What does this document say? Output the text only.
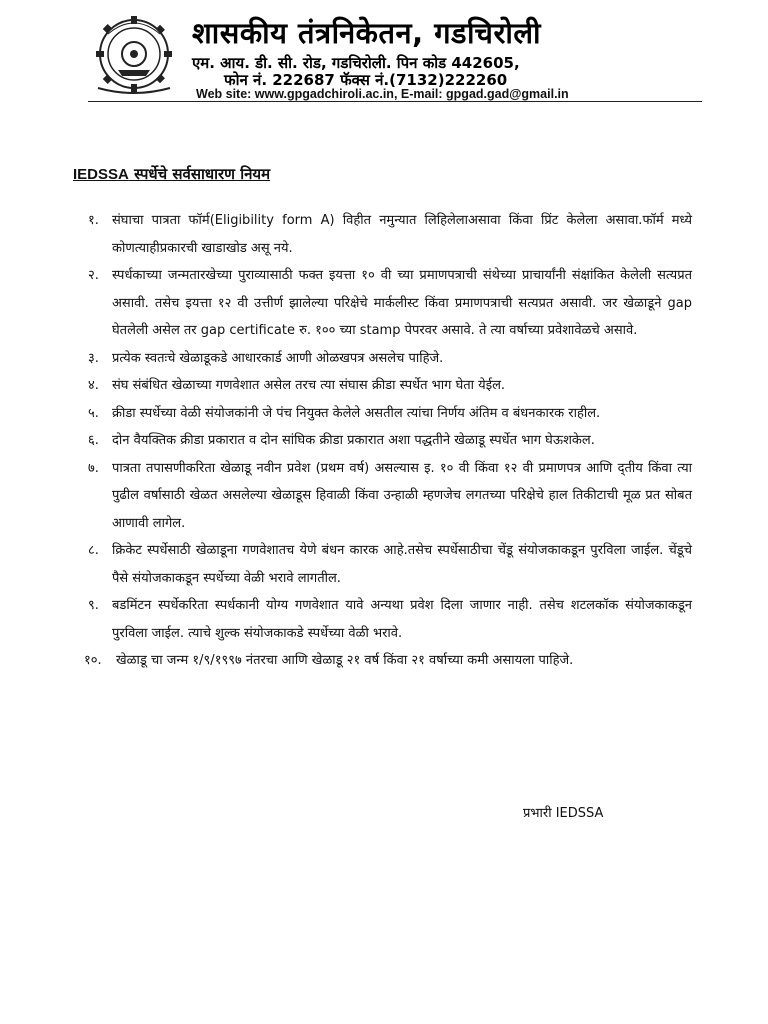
शासकीय तंत्रनिकेतन, गडचिरोली
एम. आय. डी. सी. रोड, गडचिरोली. पिन कोड 442605,
फोन नं. 222687 फॅक्स नं.(7132)222260
Web site: www.gpgadchiroli.ac.in, E-mail: gpgad.gad@gmail.in
IEDSSA स्पर्धेचे सर्वसाधारण नियम
१. संघाचा पात्रता फॉर्म(Eligibility form A) विहीत नमुन्यात लिहिलेलाअसावा किंवा प्रिंट केलेला असावा.फॉर्म मध्ये कोणत्याहीप्रकारची खाडाखोड असू नये.
२. स्पर्धकाच्या जन्मतारखेच्या पुराव्यासाठी फक्त इयत्ता १० वी च्या प्रमाणपत्राची संथेच्या प्राचार्यांनी संक्षांकित केलेली सत्यप्रत असावी. तसेच इयत्ता १२ वी उत्तीर्ण झालेल्या परिक्षेचे मार्कलीस्ट किंवा प्रमाणपत्राची सत्यप्रत असावी. जर खेळाडूने gap घेतलेली असेल तर gap certificate रु. १०० च्या stamp पेपरवर असावे. ते त्या वर्षाच्या प्रवेशावेळचे असावे.
३. प्रत्येक स्वतःचे खेळाडूकडे आधारकार्ड आणी ओळखपत्र असलेच पाहिजे.
४. संघ संबंधित खेळाच्या गणवेशात असेल तरच त्या संघास क्रीडा स्पर्धेत भाग घेता येईल.
५. क्रीडा स्पर्धेच्या वेळी संयोजकांनी जे पंच नियुक्त केलेले असतील त्यांचा निर्णय अंतिम व बंधनकारक राहील.
६. दोन वैयक्तिक क्रीडा प्रकारात व दोन सांघिक क्रीडा प्रकारात अशा पद्धतीने खेळाडू स्पर्धेत भाग घेऊशकेल.
७. पात्रता तपासणीकरिता खेळाडू नवीन प्रवेश (प्रथम वर्ष) असल्यास इ. १० वी किंवा १२ वी प्रमाणपत्र आणि द्तीय किंवा त्या पुढील वर्षासाठी खेळत असलेल्या खेळाडूस हिवाळी किंवा उन्हाळी म्हणजेच लगतच्या परिक्षेचे हाल तिकीटाची मूळ प्रत सोबत आणावी लागेल.
८. क्रिकेट स्पर्धेसाठी खेळाडूना गणवेशातच येणे बंधन कारक आहे.तसेच स्पर्धेसाठीचा चेंडू संयोजकाकडून पुरविला जाईल. चेंडूचे पैसे संयोजकाकडून स्पर्धेच्या वेळी भरावे लागतील.
९. बडमिंटन स्पर्धेकरिता स्पर्धकानी योग्य गणवेशात यावे अन्यथा प्रवेश दिला जाणार नाही. तसेच शटलकॉक संयोजकाकडून पुरविला जाईल. त्याचे शुल्क संयोजकाकडे स्पर्धेच्या वेळी भरावे.
१०. खेळाडू चा जन्म १/९/१९९७ नंतरचा आणि खेळाडू २१ वर्ष किंवा २१ वर्षाच्या कमी असायला पाहिजे.
प्रभारी IEDSSA
